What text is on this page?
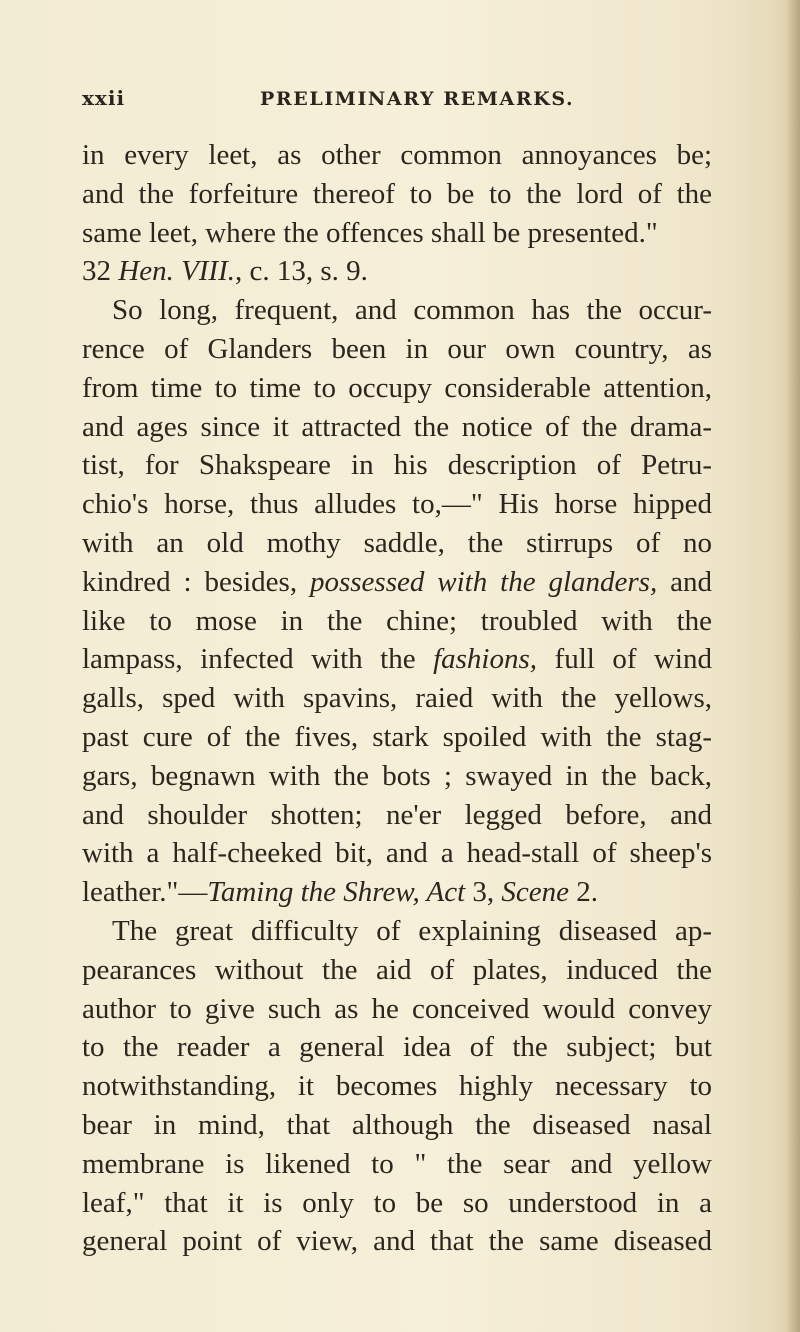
xxii	PRELIMINARY REMARKS.
in every leet, as other common annoyances be;
and the forfeiture thereof to be to the lord of the
same leet, where the offences shall be presented."
32 Hen. VIII., c. 13, s. 9.
So long, frequent, and common has the occur-
rence of Glanders been in our own country, as
from time to time to occupy considerable attention,
and ages since it attracted the notice of the drama-
tist, for Shakspeare in his description of Petru-
chio's horse, thus alludes to,—" His horse hipped
with an old mothy saddle, the stirrups of no
kindred : besides, possessed with the glanders, and
like to mose in the chine; troubled with the
lampass, infected with the fashions, full of wind
galls, sped with spavins, raied with the yellows,
past cure of the fives, stark spoiled with the stag-
gars, begnawn with the bots ; swayed in the back,
and shoulder shotten; ne'er legged before, and
with a half-cheeked bit, and a head-stall of sheep's
leather."—Taming the Shrew, Act 3, Scene 2.
The great difficulty of explaining diseased ap-
pearances without the aid of plates, induced the
author to give such as he conceived would convey
to the reader a general idea of the subject; but
notwithstanding, it becomes highly necessary to
bear in mind, that although the diseased nasal
membrane is likened to " the sear and yellow
leaf," that it is only to be so understood in a
general point of view, and that the same diseased
